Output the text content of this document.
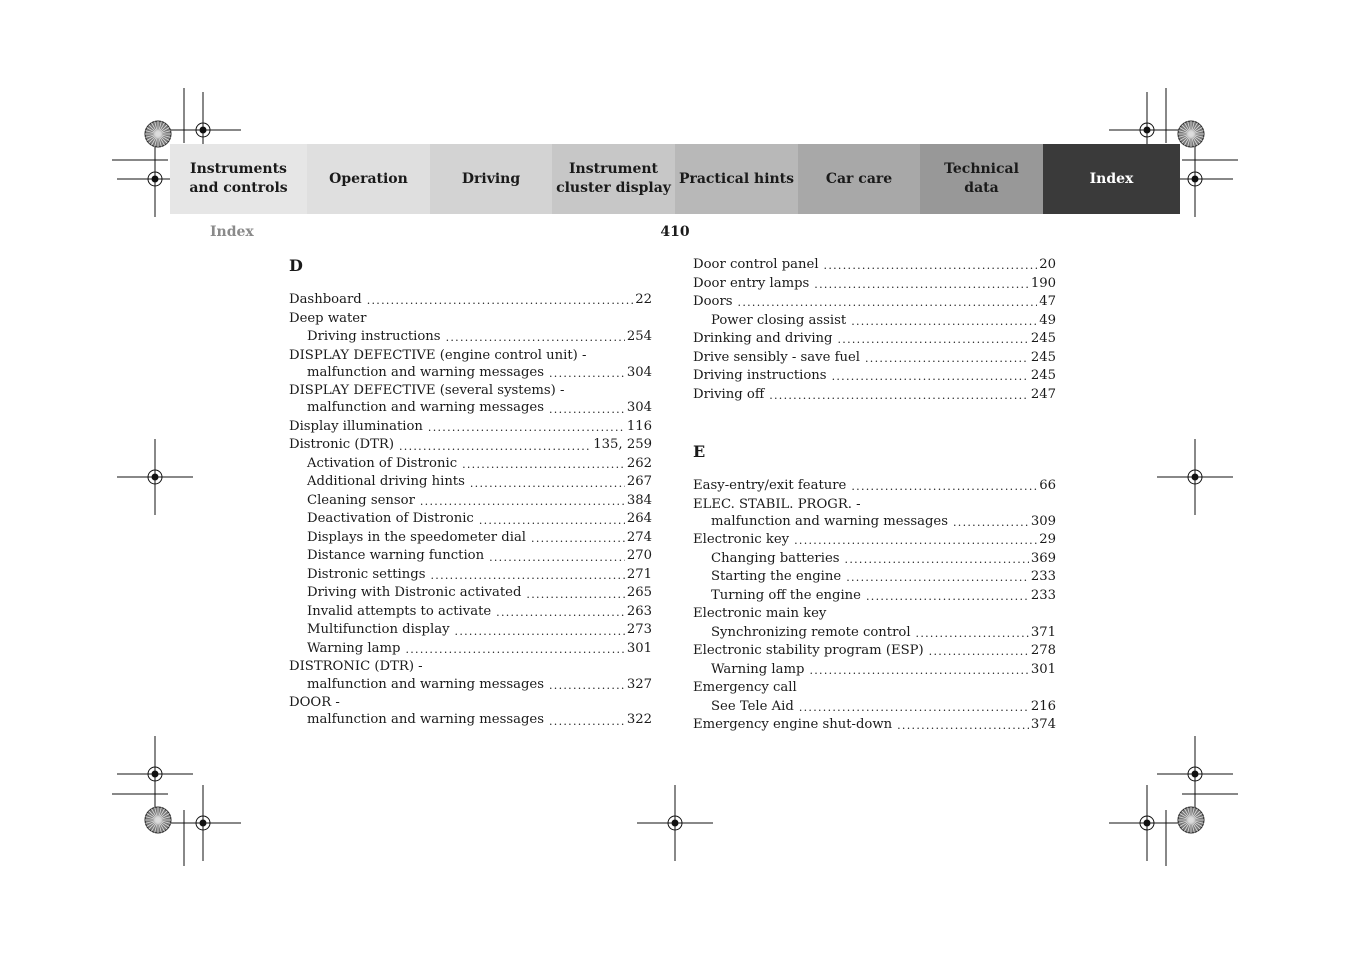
Instruments
and controls
Operation	Driving
Instrument
cluster display
Practical hints	Car care
Technical
data
Index
Index	410
D
Dashboard .....	22
Deep water
Driving instructions .....	254
DISPLAY DEFECTIVE (engine control unit) -
malfunction and warning messages .....	304
DISPLAY DEFECTIVE (several systems) -
malfunction and warning messages .....	304
Display illumination .....	116
Distronic (DTR) .....	135, 259
Activation of Distronic .....	262
Additional driving hints .....	267
Cleaning sensor .....	384
Deactivation of Distronic .....	264
Displays in the speedometer dial .....	274
Distance warning function .....	270
Distronic settings .....	271
Driving with Distronic activated .....	265
Invalid attempts to activate .....	263
Multifunction display .....	273
Warning lamp .....	301
DISTRONIC (DTR) -
malfunction and warning messages .....	327
DOOR -
malfunction and warning messages .....	322
Door control panel .....	20
Door entry lamps .....	190
Doors .....	47
Power closing assist .....	49
Drinking and driving .....	245
Drive sensibly - save fuel .....	245
Driving instructions .....	245
Driving off .....	247
E
Easy-entry/exit feature .....	66
ELEC. STABIL. PROGR. -
malfunction and warning messages .....	309
Electronic key .....	29
Changing batteries .....	369
Starting the engine .....	233
Turning off the engine .....	233
Electronic main key
Synchronizing remote control .....	371
Electronic stability program (ESP) .....	278
Warning lamp .....	301
Emergency call
See Tele Aid .....	216
Emergency engine shut-down .....	374
